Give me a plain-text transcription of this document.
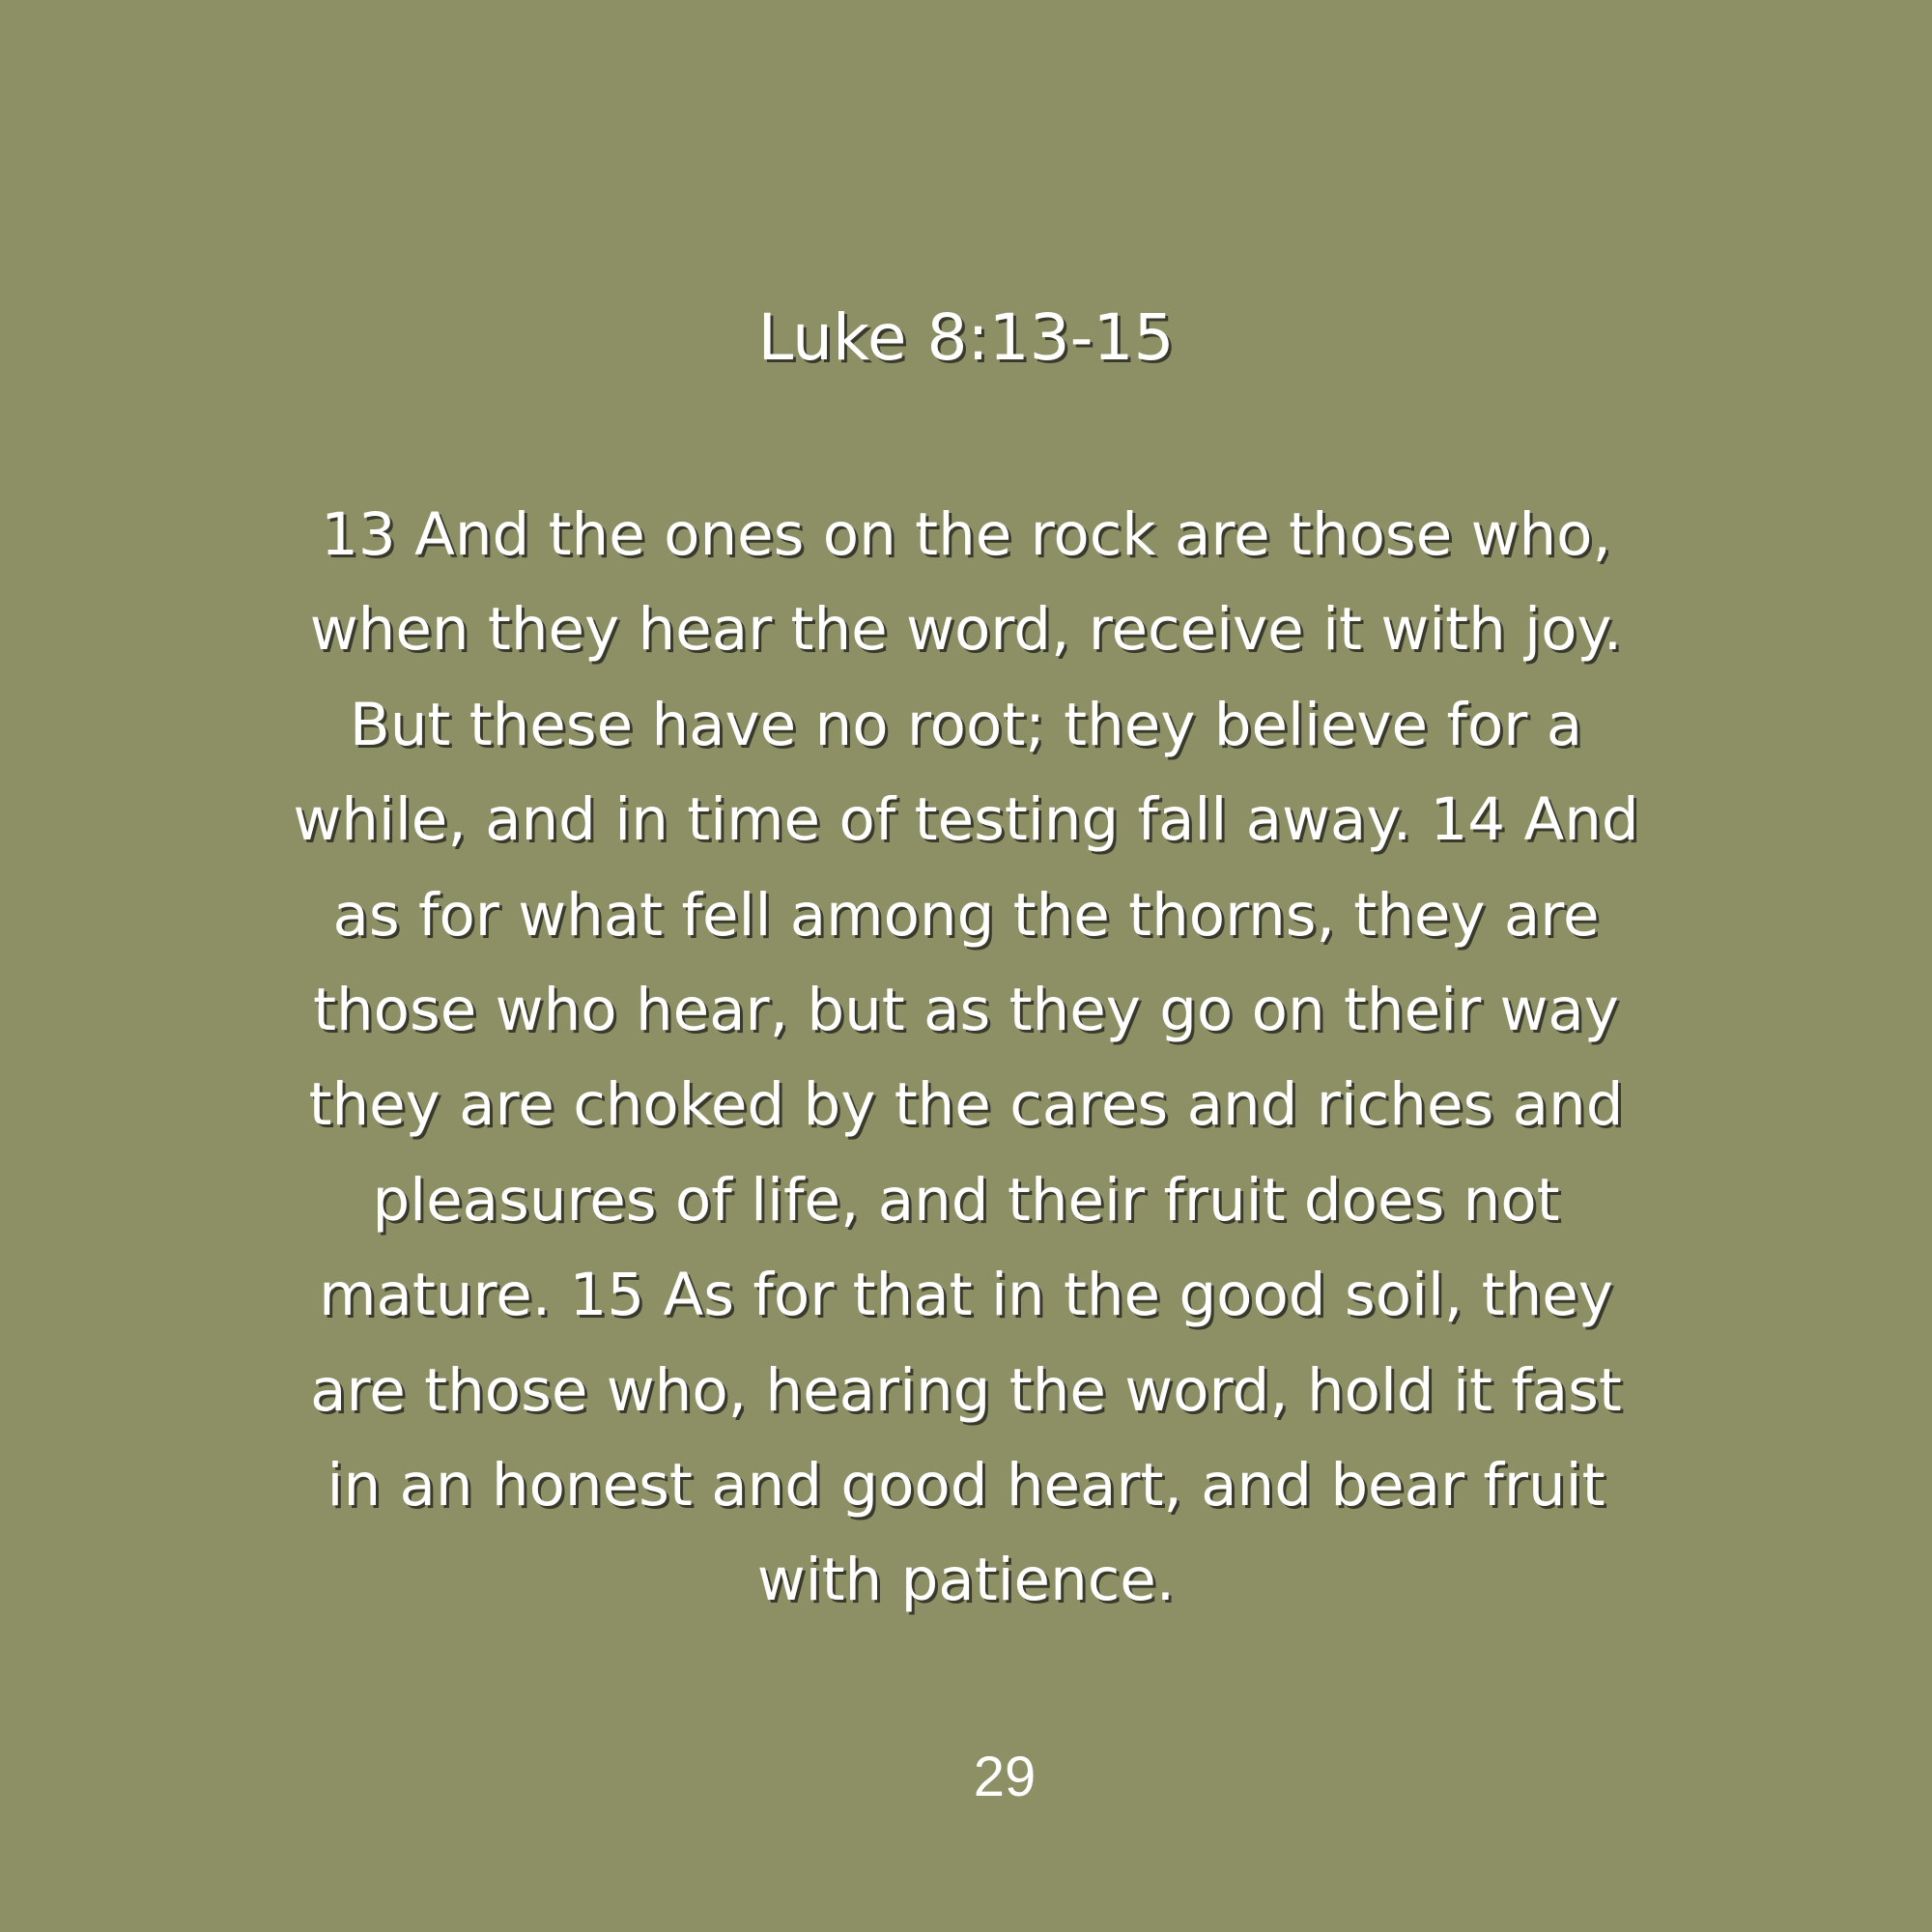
Luke 8:13-15
13 And the ones on the rock are those who,
when they hear the word, receive it with joy.
But these have no root; they believe for a
while, and in time of testing fall away. 14 And
as for what fell among the thorns, they are
those who hear, but as they go on their way
they are choked by the cares and riches and
pleasures of life, and their fruit does not
mature. 15 As for that in the good soil, they
are those who, hearing the word, hold it fast
in an honest and good heart, and bear fruit
with patience.
29
